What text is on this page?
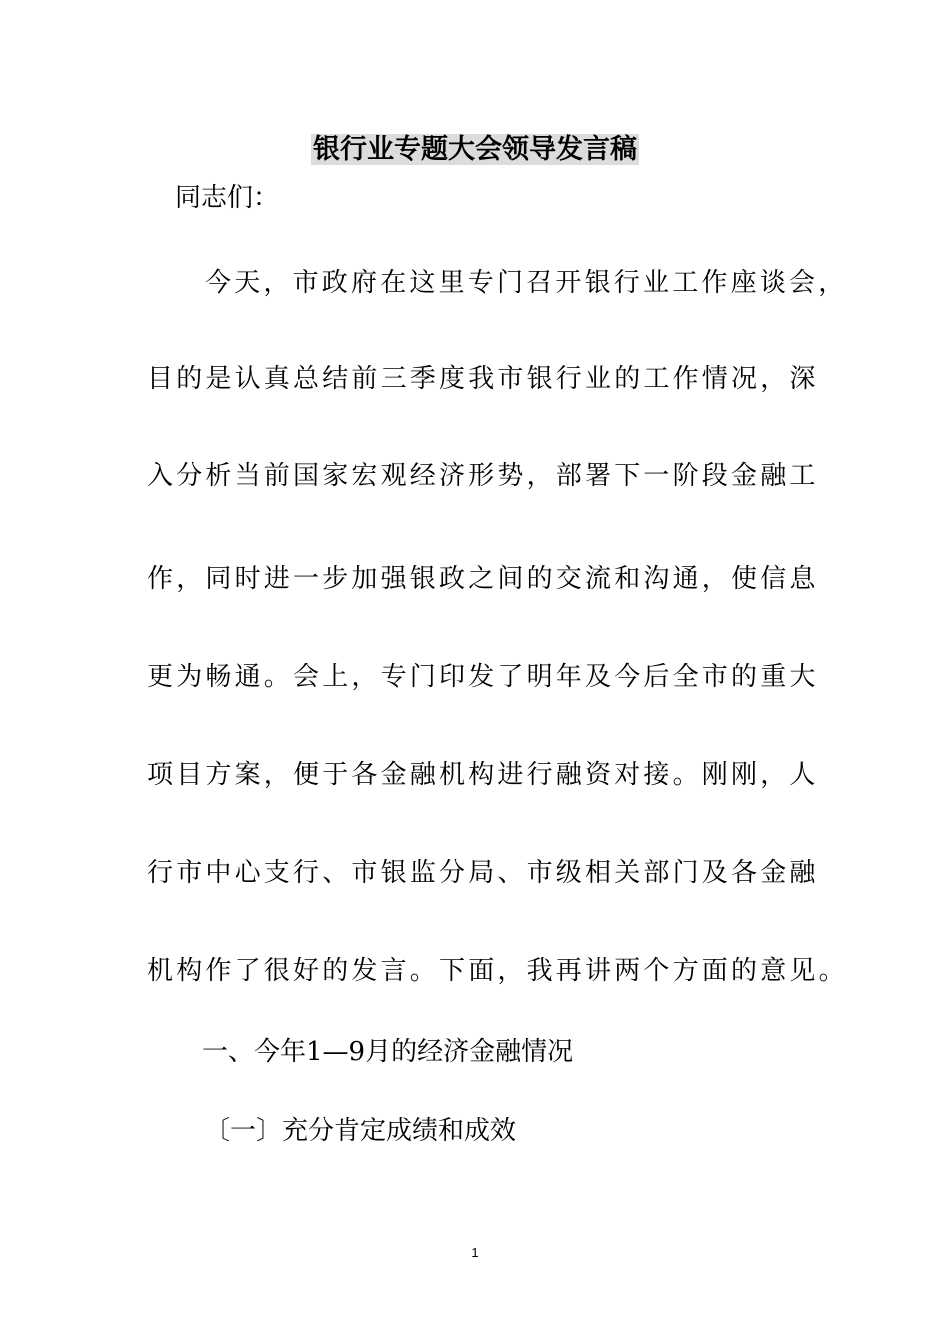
银行业专题大会领导发言稿
同志们：
今天，市政府在这里专门召开银行业工作座谈会，
目的是认真总结前三季度我市银行业的工作情况，深
入分析当前国家宏观经济形势，部署下一阶段金融工
作，同时进一步加强银政之间的交流和沟通，使信息
更为畅通。会上，专门印发了明年及今后全市的重大
项目方案，便于各金融机构进行融资对接。刚刚，人
行市中心支行、市银监分局、市级相关部门及各金融
机构作了很好的发言。下面，我再讲两个方面的意见。
一、今年1—9月的经济金融情况
〔一〕充分肯定成绩和成效
1
